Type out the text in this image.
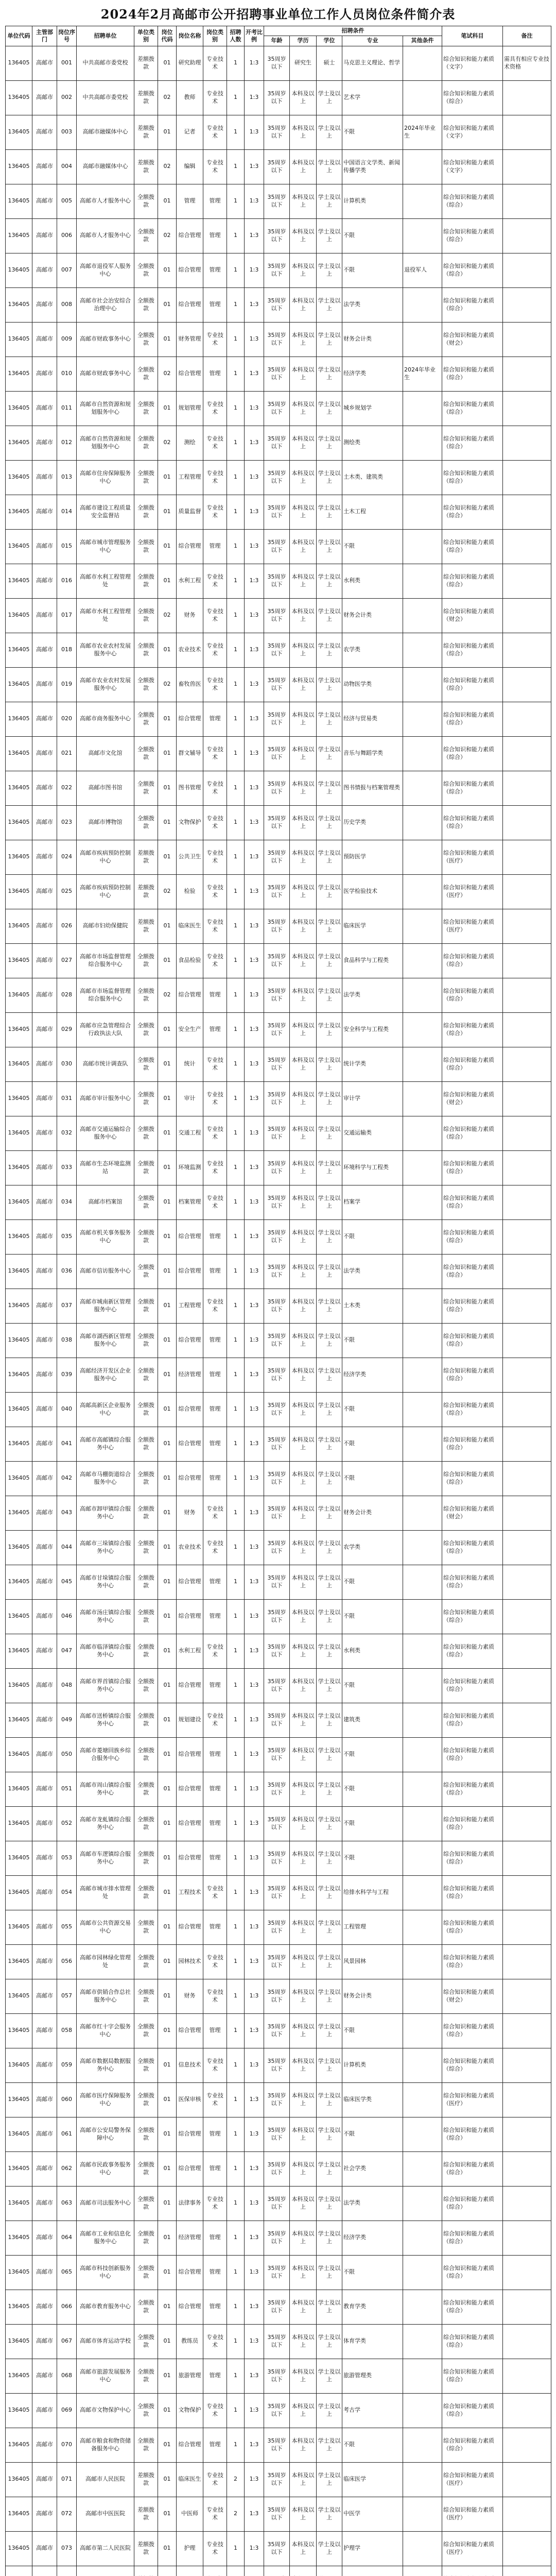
2024年2月高邮市公开招聘事业单位工作人员岗位条件简介表
单位代码	主管部门	岗位序号	招聘单位	单位类别	岗位代码	岗位名称	岗位类别	招聘人数	开考比例	招聘条件					笔试科目	备注
										年龄	学历	学位	专业	其他条件		
136405	高邮市	001	中共高邮市委党校	差额拨款	01	研究助理	专业技术	1	1:3	35周岁以下	研究生	硕士	马克思主义理论、哲学		综合知识和能力素质（文字）	需具有相应专业技术资格
136405	高邮市	002	中共高邮市委党校	差额拨款	02	教师	专业技术	1	1:3	35周岁以下	本科及以上	学士及以上	艺术学		综合知识和能力素质（综合）	
136405	高邮市	003	高邮市融媒体中心	差额拨款	01	记者	专业技术	1	1:3	35周岁以下	本科及以上	学士及以上	不限	2024年毕业生	综合知识和能力素质（文字）	
136405	高邮市	004	高邮市融媒体中心	差额拨款	02	编辑	专业技术	1	1:3	35周岁以下	本科及以上	学士及以上	中国语言文学类、新闻传播学类		综合知识和能力素质（文字）	
136405	高邮市	005	高邮市人才服务中心	全额拨款	01	管理	管理	1	1:3	35周岁以下	本科及以上	学士及以上	计算机类		综合知识和能力素质（综合）	
136405	高邮市	006	高邮市人才服务中心	全额拨款	02	综合管理	管理	1	1:3	35周岁以下	本科及以上	学士及以上	不限		综合知识和能力素质（综合）	
136405	高邮市	007	高邮市退役军人服务中心	全额拨款	01	综合管理	管理	1	1:3	35周岁以下	本科及以上	学士及以上	不限	退役军人	综合知识和能力素质（综合）	
136405	高邮市	008	高邮市社会治安综合治理中心	全额拨款	01	综合管理	管理	1	1:3	35周岁以下	本科及以上	学士及以上	法学类		综合知识和能力素质（综合）	
136405	高邮市	009	高邮市财政事务中心	全额拨款	01	财务管理	专业技术	1	1:3	35周岁以下	本科及以上	学士及以上	财务会计类		综合知识和能力素质（财会）	
136405	高邮市	010	高邮市财政事务中心	全额拨款	02	综合管理	管理	1	1:3	35周岁以下	本科及以上	学士及以上	经济学类	2024年毕业生	综合知识和能力素质（综合）	
136405	高邮市	011	高邮市自然资源和规划服务中心	全额拨款	01	规划管理	专业技术	1	1:3	35周岁以下	本科及以上	学士及以上	城乡规划学		综合知识和能力素质（综合）	
136405	高邮市	012	高邮市自然资源和规划服务中心	全额拨款	02	测绘	专业技术	1	1:3	35周岁以下	本科及以上	学士及以上	测绘类		综合知识和能力素质（综合）	
136405	高邮市	013	高邮市住房保障服务中心	全额拨款	01	工程管理	专业技术	1	1:3	35周岁以下	本科及以上	学士及以上	土木类、建筑类		综合知识和能力素质（综合）	
136405	高邮市	014	高邮市建设工程质量安全监督站	全额拨款	01	质量监督	专业技术	1	1:3	35周岁以下	本科及以上	学士及以上	土木工程		综合知识和能力素质（综合）	
136405	高邮市	015	高邮市城市管理服务中心	全额拨款	01	综合管理	管理	1	1:3	35周岁以下	本科及以上	学士及以上	不限		综合知识和能力素质（综合）	
136405	高邮市	016	高邮市水利工程管理处	全额拨款	01	水利工程	专业技术	1	1:3	35周岁以下	本科及以上	学士及以上	水利类		综合知识和能力素质（综合）	
136405	高邮市	017	高邮市水利工程管理处	全额拨款	02	财务	专业技术	1	1:3	35周岁以下	本科及以上	学士及以上	财务会计类		综合知识和能力素质（财会）	
136405	高邮市	018	高邮市农业农村发展服务中心	全额拨款	01	农业技术	专业技术	1	1:3	35周岁以下	本科及以上	学士及以上	农学类		综合知识和能力素质（综合）	
136405	高邮市	019	高邮市农业农村发展服务中心	全额拨款	02	畜牧兽医	专业技术	1	1:3	35周岁以下	本科及以上	学士及以上	动物医学类		综合知识和能力素质（综合）	
136405	高邮市	020	高邮市商务服务中心	全额拨款	01	综合管理	管理	1	1:3	35周岁以下	本科及以上	学士及以上	经济与贸易类		综合知识和能力素质（综合）	
136405	高邮市	021	高邮市文化馆	全额拨款	01	群文辅导	专业技术	1	1:3	35周岁以下	本科及以上	学士及以上	音乐与舞蹈学类		综合知识和能力素质（综合）	
136405	高邮市	022	高邮市图书馆	全额拨款	01	图书管理	专业技术	1	1:3	35周岁以下	本科及以上	学士及以上	图书情报与档案管理类		综合知识和能力素质（综合）	
136405	高邮市	023	高邮市博物馆	全额拨款	01	文物保护	专业技术	1	1:3	35周岁以下	本科及以上	学士及以上	历史学类		综合知识和能力素质（综合）	
136405	高邮市	024	高邮市疾病预防控制中心	差额拨款	01	公共卫生	专业技术	1	1:3	35周岁以下	本科及以上	学士及以上	预防医学		综合知识和能力素质（医疗）	
136405	高邮市	025	高邮市疾病预防控制中心	差额拨款	02	检验	专业技术	1	1:3	35周岁以下	本科及以上	学士及以上	医学检验技术		综合知识和能力素质（医疗）	
136405	高邮市	026	高邮市妇幼保健院	差额拨款	01	临床医生	专业技术	1	1:3	35周岁以下	本科及以上	学士及以上	临床医学		综合知识和能力素质（医疗）	
136405	高邮市	027	高邮市市场监督管理综合服务中心	全额拨款	01	食品检验	专业技术	1	1:3	35周岁以下	本科及以上	学士及以上	食品科学与工程类		综合知识和能力素质（综合）	
136405	高邮市	028	高邮市市场监督管理综合服务中心	全额拨款	02	综合管理	管理	1	1:3	35周岁以下	本科及以上	学士及以上	法学类		综合知识和能力素质（综合）	
136405	高邮市	029	高邮市应急管理综合行政执法大队	全额拨款	01	安全生产	管理	1	1:3	35周岁以下	本科及以上	学士及以上	安全科学与工程类		综合知识和能力素质（综合）	
136405	高邮市	030	高邮市统计调查队	全额拨款	01	统计	专业技术	1	1:3	35周岁以下	本科及以上	学士及以上	统计学类		综合知识和能力素质（综合）	
136405	高邮市	031	高邮市审计服务中心	全额拨款	01	审计	专业技术	1	1:3	35周岁以下	本科及以上	学士及以上	审计学		综合知识和能力素质（财会）	
136405	高邮市	032	高邮市交通运输综合服务中心	全额拨款	01	交通工程	专业技术	1	1:3	35周岁以下	本科及以上	学士及以上	交通运输类		综合知识和能力素质（综合）	
136405	高邮市	033	高邮市生态环境监测站	全额拨款	01	环境监测	专业技术	1	1:3	35周岁以下	本科及以上	学士及以上	环境科学与工程类		综合知识和能力素质（综合）	
136405	高邮市	034	高邮市档案馆	全额拨款	01	档案管理	专业技术	1	1:3	35周岁以下	本科及以上	学士及以上	档案学		综合知识和能力素质（综合）	
136405	高邮市	035	高邮市机关事务服务中心	全额拨款	01	综合管理	管理	1	1:3	35周岁以下	本科及以上	学士及以上	不限		综合知识和能力素质（综合）	
136405	高邮市	036	高邮市信访服务中心	全额拨款	01	综合管理	管理	1	1:3	35周岁以下	本科及以上	学士及以上	法学类		综合知识和能力素质（综合）	
136405	高邮市	037	高邮市城南新区管理服务中心	全额拨款	01	工程管理	专业技术	1	1:3	35周岁以下	本科及以上	学士及以上	土木类		综合知识和能力素质（综合）	
136405	高邮市	038	高邮市湖西新区管理服务中心	全额拨款	01	综合管理	管理	1	1:3	35周岁以下	本科及以上	学士及以上	不限		综合知识和能力素质（综合）	
136405	高邮市	039	高邮经济开发区企业服务中心	全额拨款	01	经济管理	管理	1	1:3	35周岁以下	本科及以上	学士及以上	经济学类		综合知识和能力素质（综合）	
136405	高邮市	040	高邮高新区企业服务中心	全额拨款	01	综合管理	管理	1	1:3	35周岁以下	本科及以上	学士及以上	不限		综合知识和能力素质（综合）	
136405	高邮市	041	高邮市高邮镇综合服务中心	全额拨款	01	综合管理	管理	1	1:3	35周岁以下	本科及以上	学士及以上	不限		综合知识和能力素质（综合）	
136405	高邮市	042	高邮市马棚街道综合服务中心	全额拨款	01	综合管理	管理	1	1:3	35周岁以下	本科及以上	学士及以上	不限		综合知识和能力素质（综合）	
136405	高邮市	043	高邮市卸甲镇综合服务中心	全额拨款	01	财务	专业技术	1	1:3	35周岁以下	本科及以上	学士及以上	财务会计类		综合知识和能力素质（财会）	
136405	高邮市	044	高邮市三垛镇综合服务中心	全额拨款	01	农业技术	专业技术	1	1:3	35周岁以下	本科及以上	学士及以上	农学类		综合知识和能力素质（综合）	
136405	高邮市	045	高邮市甘垛镇综合服务中心	全额拨款	01	综合管理	管理	1	1:3	35周岁以下	本科及以上	学士及以上	不限		综合知识和能力素质（综合）	
136405	高邮市	046	高邮市汤庄镇综合服务中心	全额拨款	01	综合管理	管理	1	1:3	35周岁以下	本科及以上	学士及以上	不限		综合知识和能力素质（综合）	
136405	高邮市	047	高邮市临泽镇综合服务中心	全额拨款	01	水利工程	专业技术	1	1:3	35周岁以下	本科及以上	学士及以上	水利类		综合知识和能力素质（综合）	
136405	高邮市	048	高邮市界首镇综合服务中心	全额拨款	01	综合管理	管理	1	1:3	35周岁以下	本科及以上	学士及以上	不限		综合知识和能力素质（综合）	
136405	高邮市	049	高邮市送桥镇综合服务中心	全额拨款	01	规划建设	专业技术	1	1:3	35周岁以下	本科及以上	学士及以上	建筑类		综合知识和能力素质（综合）	
136405	高邮市	050	高邮市菱塘回族乡综合服务中心	全额拨款	01	综合管理	管理	1	1:3	35周岁以下	本科及以上	学士及以上	不限		综合知识和能力素质（综合）	
136405	高邮市	051	高邮市周山镇综合服务中心	全额拨款	01	综合管理	管理	1	1:3	35周岁以下	本科及以上	学士及以上	不限		综合知识和能力素质（综合）	
136405	高邮市	052	高邮市龙虬镇综合服务中心	全额拨款	01	综合管理	管理	1	1:3	35周岁以下	本科及以上	学士及以上	不限		综合知识和能力素质（综合）	
136405	高邮市	053	高邮市车逻镇综合服务中心	全额拨款	01	综合管理	管理	1	1:3	35周岁以下	本科及以上	学士及以上	不限		综合知识和能力素质（综合）	
136405	高邮市	054	高邮市城市排水管理处	全额拨款	01	工程技术	专业技术	1	1:3	35周岁以下	本科及以上	学士及以上	给排水科学与工程		综合知识和能力素质（综合）	
136405	高邮市	055	高邮市公共资源交易中心	全额拨款	01	综合管理	管理	1	1:3	35周岁以下	本科及以上	学士及以上	工程管理		综合知识和能力素质（综合）	
136405	高邮市	056	高邮市园林绿化管理处	全额拨款	01	园林技术	专业技术	1	1:3	35周岁以下	本科及以上	学士及以上	风景园林		综合知识和能力素质（综合）	
136405	高邮市	057	高邮市供销合作总社服务中心	全额拨款	01	财务	专业技术	1	1:3	35周岁以下	本科及以上	学士及以上	财务会计类		综合知识和能力素质（财会）	
136405	高邮市	058	高邮市红十字会服务中心	全额拨款	01	综合管理	管理	1	1:3	35周岁以下	本科及以上	学士及以上	不限		综合知识和能力素质（综合）	
136405	高邮市	059	高邮市数据局数据服务中心	全额拨款	01	信息技术	专业技术	1	1:3	35周岁以下	本科及以上	学士及以上	计算机类		综合知识和能力素质（综合）	
136405	高邮市	060	高邮市医疗保障服务中心	全额拨款	01	医保审核	专业技术	1	1:3	35周岁以下	本科及以上	学士及以上	临床医学类		综合知识和能力素质（医疗）	
136405	高邮市	061	高邮市公安局警务保障中心	全额拨款	01	综合管理	管理	1	1:3	35周岁以下	本科及以上	学士及以上	不限		综合知识和能力素质（综合）	
136405	高邮市	062	高邮市民政事务服务中心	全额拨款	01	综合管理	管理	1	1:3	35周岁以下	本科及以上	学士及以上	社会学类		综合知识和能力素质（综合）	
136405	高邮市	063	高邮市司法服务中心	全额拨款	01	法律事务	专业技术	1	1:3	35周岁以下	本科及以上	学士及以上	法学类		综合知识和能力素质（综合）	
136405	高邮市	064	高邮市工业和信息化服务中心	全额拨款	01	经济管理	管理	1	1:3	35周岁以下	本科及以上	学士及以上	经济学类		综合知识和能力素质（综合）	
136405	高邮市	065	高邮市科技创新服务中心	全额拨款	01	综合管理	管理	1	1:3	35周岁以下	本科及以上	学士及以上	不限		综合知识和能力素质（综合）	
136405	高邮市	066	高邮市教育服务中心	全额拨款	01	综合管理	管理	1	1:3	35周岁以下	本科及以上	学士及以上	教育学类		综合知识和能力素质（综合）	
136405	高邮市	067	高邮市体育运动学校	全额拨款	01	教练员	专业技术	1	1:3	35周岁以下	本科及以上	学士及以上	体育学类		综合知识和能力素质（综合）	
136405	高邮市	068	高邮市旅游发展服务中心	全额拨款	01	旅游管理	管理	1	1:3	35周岁以下	本科及以上	学士及以上	旅游管理类		综合知识和能力素质（综合）	
136405	高邮市	069	高邮市文物保护中心	全额拨款	01	文物保护	专业技术	1	1:3	35周岁以下	本科及以上	学士及以上	考古学		综合知识和能力素质（综合）	
136405	高邮市	070	高邮市粮食和物资储备服务中心	全额拨款	01	综合管理	管理	1	1:3	35周岁以下	本科及以上	学士及以上	不限		综合知识和能力素质（综合）	
136405	高邮市	071	高邮市人民医院	差额拨款	01	临床医生	专业技术	2	1:3	35周岁以下	本科及以上	学士及以上	临床医学		综合知识和能力素质（医疗）	
136405	高邮市	072	高邮市中医医院	差额拨款	01	中医师	专业技术	2	1:3	35周岁以下	本科及以上	学士及以上	中医学		综合知识和能力素质（医疗）	
136405	高邮市	073	高邮市第二人民医院	差额拨款	01	护理	专业技术	1	1:3	35周岁以下	本科及以上	学士及以上	护理学		综合知识和能力素质（医疗）	
